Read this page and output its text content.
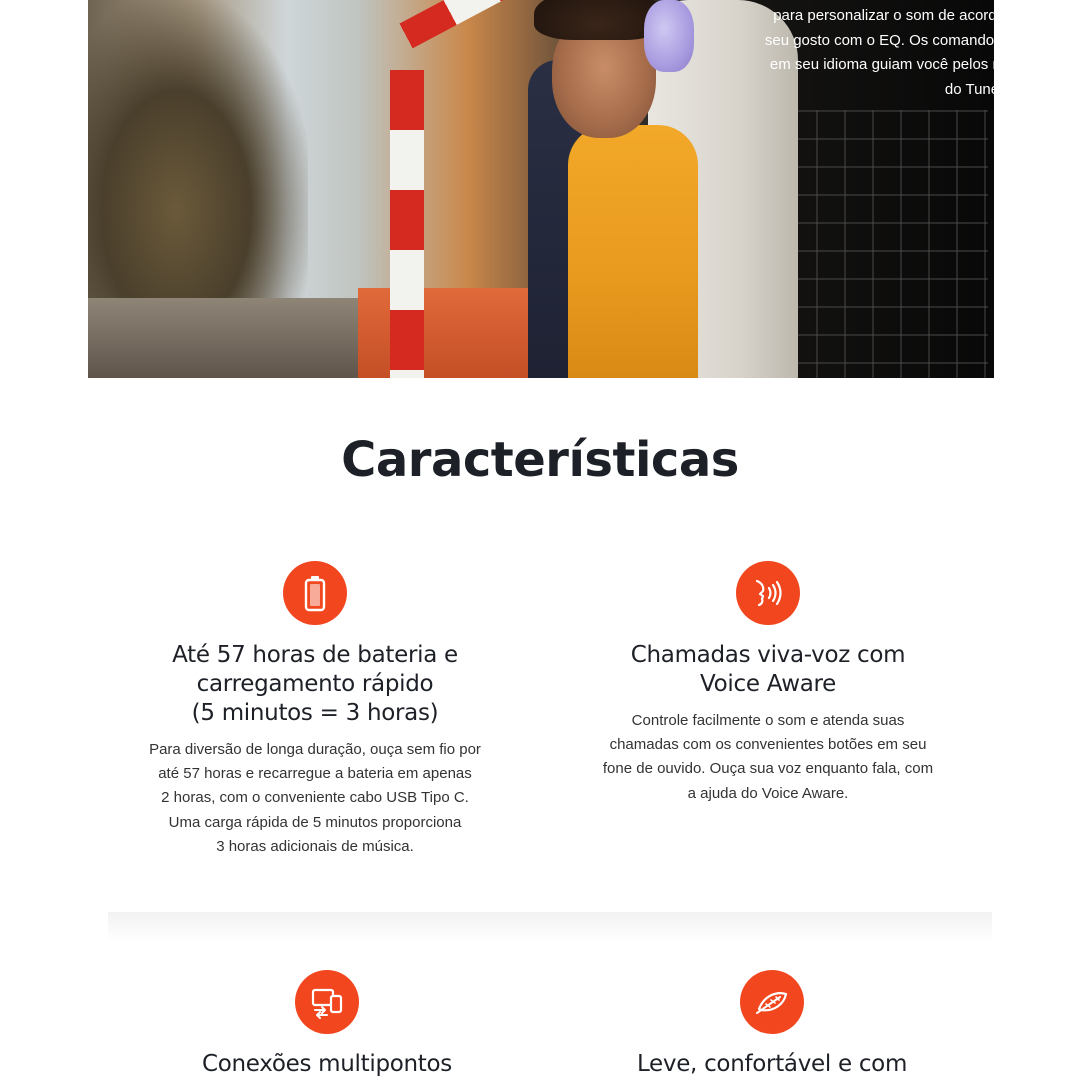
para personalizar o som de acordo com o
seu gosto com o EQ. Os comandos de voz
em seu idioma guiam você pelos recursos
do Tune 520BT.
Características
Até 57 horas de bateria e
carregamento rápido
(5 minutos = 3 horas)
Para diversão de longa duração, ouça sem fio por
até 57 horas e recarregue a bateria em apenas
2 horas, com o conveniente cabo USB Tipo C.
Uma carga rápida de 5 minutos proporciona
3 horas adicionais de música.
Chamadas viva-voz com
Voice Aware
Controle facilmente o som e atenda suas
chamadas com os convenientes botões em seu
fone de ouvido. Ouça sua voz enquanto fala, com
a ajuda do Voice Aware.
Conexões multipontos	Leve, confortável e com
